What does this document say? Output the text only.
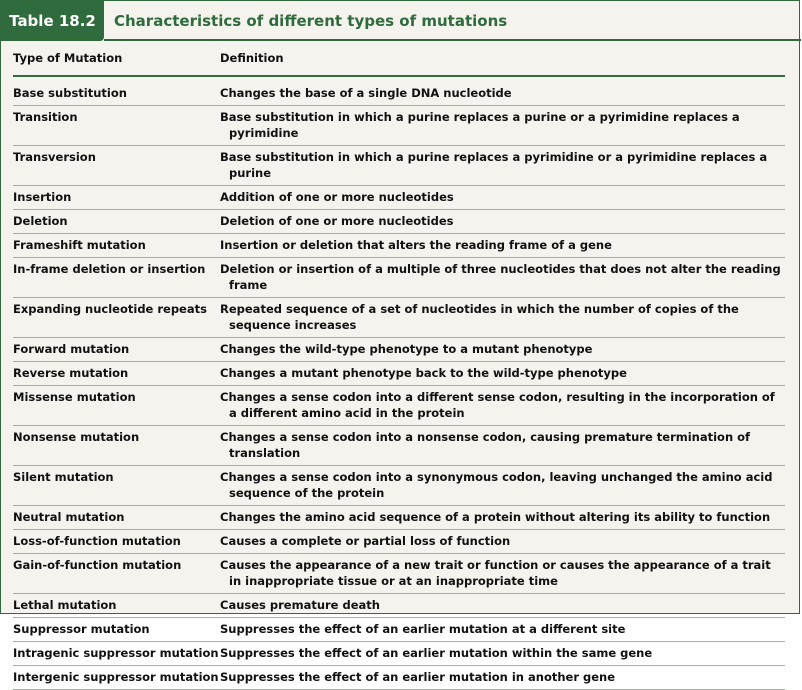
Table 18.2	Characteristics of different types of mutations
Type of Mutation	Definition
Base substitution	Changes the base of a single DNA nucleotide
Transition	Base substitution in which a purine replaces a purine or a pyrimidine replaces a pyrimidine
Transversion	Base substitution in which a purine replaces a pyrimidine or a pyrimidine replaces a purine
Insertion	Addition of one or more nucleotides
Deletion	Deletion of one or more nucleotides
Frameshift mutation	Insertion or deletion that alters the reading frame of a gene
In-frame deletion or insertion	Deletion or insertion of a multiple of three nucleotides that does not alter the reading frame
Expanding nucleotide repeats	Repeated sequence of a set of nucleotides in which the number of copies of the sequence increases
Forward mutation	Changes the wild-type phenotype to a mutant phenotype
Reverse mutation	Changes a mutant phenotype back to the wild-type phenotype
Missense mutation	Changes a sense codon into a different sense codon, resulting in the incorporation of a different amino acid in the protein
Nonsense mutation	Changes a sense codon into a nonsense codon, causing premature termination of translation
Silent mutation	Changes a sense codon into a synonymous codon, leaving unchanged the amino acid sequence of the protein
Neutral mutation	Changes the amino acid sequence of a protein without altering its ability to function
Loss-of-function mutation	Causes a complete or partial loss of function
Gain-of-function mutation	Causes the appearance of a new trait or function or causes the appearance of a trait in inappropriate tissue or at an inappropriate time
Lethal mutation	Causes premature death
Suppressor mutation	Suppresses the effect of an earlier mutation at a different site
Intragenic suppressor mutation Suppresses the effect of an earlier mutation within the same gene
Intergenic suppressor mutation Suppresses the effect of an earlier mutation in another gene
